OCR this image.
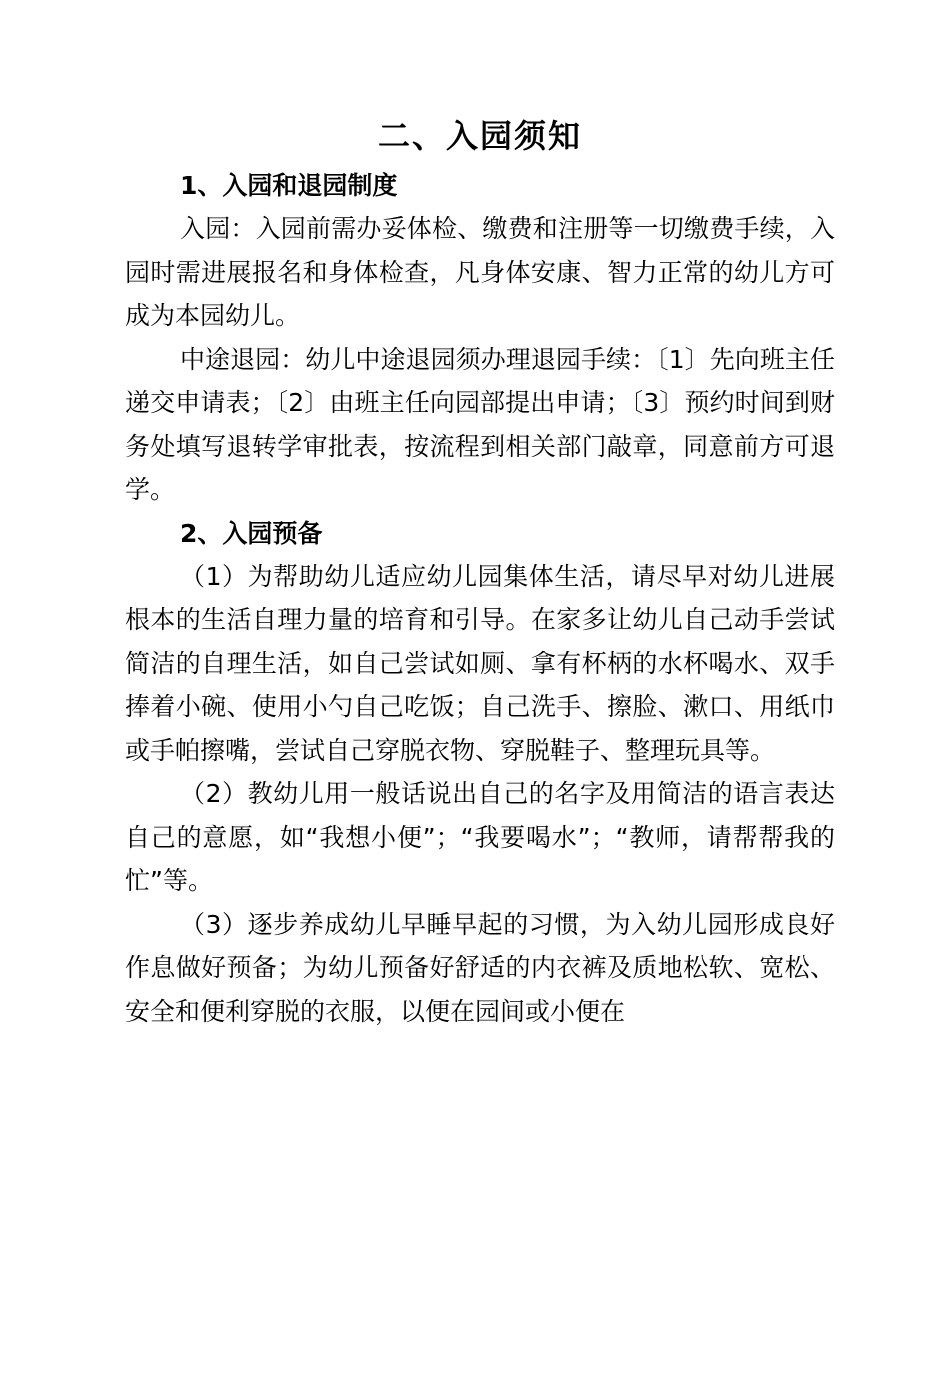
二、入园须知
1、入园和退园制度

入园：入园前需办妥体检、缴费和注册等一切缴费手续，入园时需进展报名和身体检查，凡身体安康、智力正常的幼儿方可成为本园幼儿。

中途退园：幼儿中途退园须办理退园手续：〔1〕先向班主任递交申请表；〔2〕由班主任向园部提出申请；〔3〕预约时间到财务处填写退转学审批表，按流程到相关部门敲章，同意前方可退学。

2、入园预备

（1）为帮助幼儿适应幼儿园集体生活，请尽早对幼儿进展根本的生活自理力量的培育和引导。在家多让幼儿自己动手尝试简洁的自理生活，如自己尝试如厕、拿有杯柄的水杯喝水、双手捧着小碗、使用小勺自己吃饭；自己洗手、擦脸、漱口、用纸巾或手帕擦嘴，尝试自己穿脱衣物、穿脱鞋子、整理玩具等。

（2）教幼儿用一般话说出自己的名字及用简洁的语言表达自己的意愿，如“我想小便”；“我要喝水”；“教师，请帮帮我的忙”等。

（3）逐步养成幼儿早睡早起的习惯，为入幼儿园形成良好作息做好预备；为幼儿预备好舒适的内衣裤及质地松软、宽松、安全和便利穿脱的衣服，以便在园间或小便在
